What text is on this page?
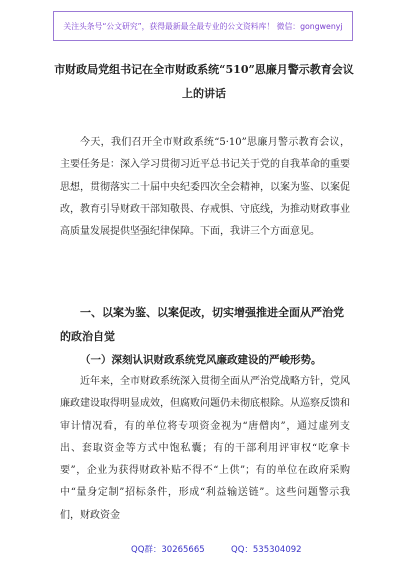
关注头条号“公文研究”，获得最新最全最专业的公文资料库！ 微信：gongwenyj
市财政局党组书记在全市财政系统“510”思廉月警示教育会议上的讲话

今天，我们召开全市财政系统“5·10”思廉月警示教育会议，主要任务是：深入学习贯彻习近平总书记关于党的自我革命的重要思想，贯彻落实二十届中央纪委四次全会精神，以案为鉴、以案促改，教育引导财政干部知敬畏、存戒惧、守底线，为推动财政事业高质量发展提供坚强纪律保障。下面，我讲三个方面意见。

一、以案为鉴、以案促改，切实增强推进全面从严治党的政治自觉
（一）深刻认识财政系统党风廉政建设的严峻形势。

近年来，全市财政系统深入贯彻全面从严治党战略方针，党风廉政建设取得明显成效，但腐败问题仍未彻底根除。从巡察反馈和审计情况看，有的单位将专项资金视为“唐僧肉”，通过虚列支出、套取资金等方式中饱私囊；有的干部利用评审权“吃拿卡要”，企业为获得财政补贴不得不“上供”；有的单位在政府采购中“量身定制”招标条件，形成“利益输送链”。这些问题警示我们，财政资金

QQ群：30265665	QQ：535304092
